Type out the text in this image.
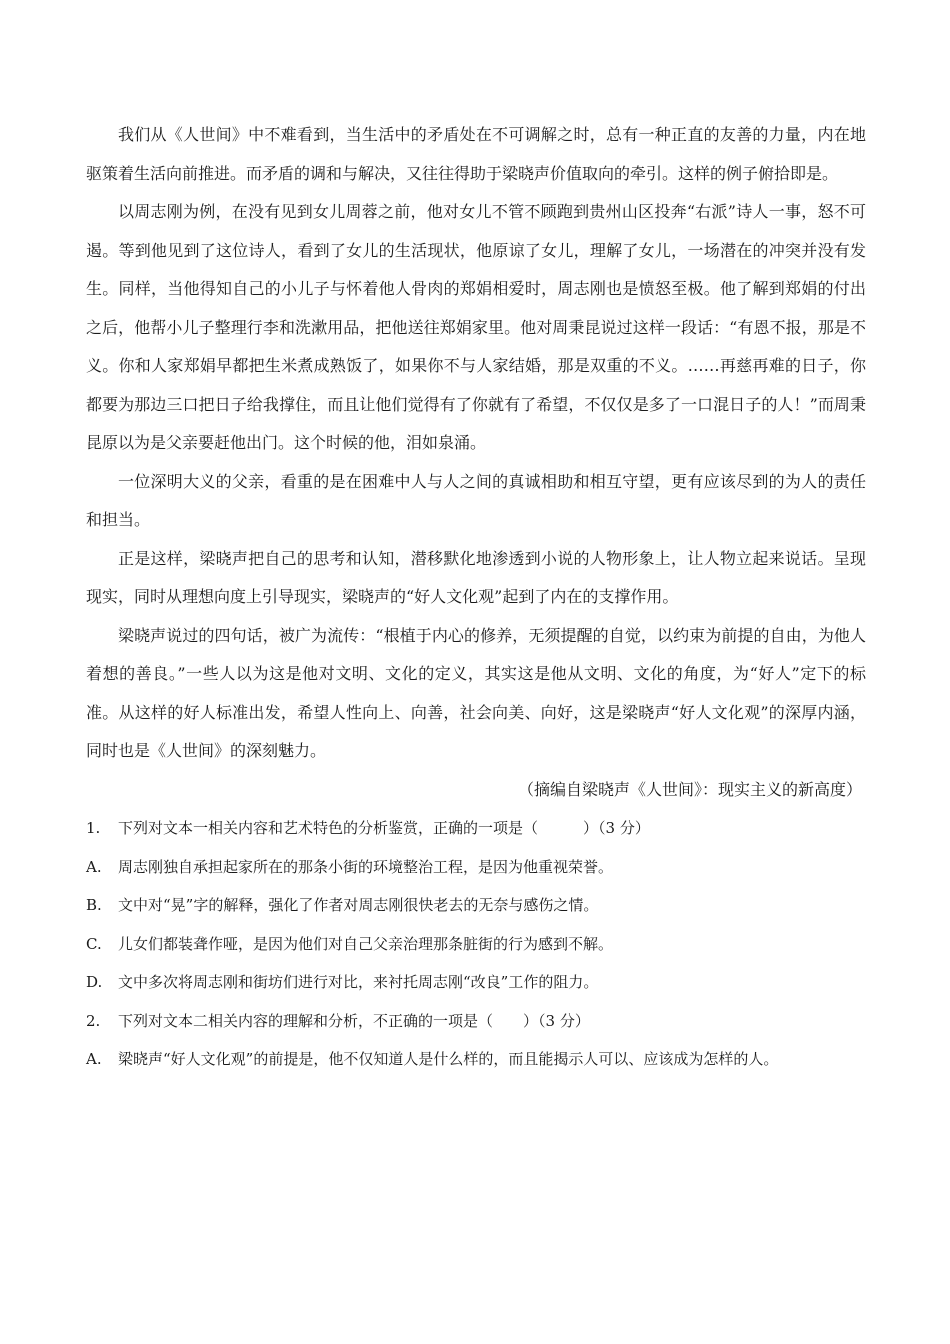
我们从《人世间》中不难看到，当生活中的矛盾处在不可调解之时，总有一种正直的友善的力量，内在地驱策着生活向前推进。而矛盾的调和与解决，又往往得助于梁晓声价值取向的牵引。这样的例子俯拾即是。

以周志刚为例，在没有见到女儿周蓉之前，他对女儿不管不顾跑到贵州山区投奔“右派”诗人一事，怒不可遏。等到他见到了这位诗人，看到了女儿的生活现状，他原谅了女儿，理解了女儿，一场潜在的冲突并没有发生。同样，当他得知自己的小儿子与怀着他人骨肉的郑娟相爱时，周志刚也是愤怒至极。他了解到郑娟的付出之后，他帮小儿子整理行李和洗漱用品，把他送往郑娟家里。他对周秉昆说过这样一段话：“有恩不报，那是不义。你和人家郑娟早都把生米煮成熟饭了，如果你不与人家结婚，那是双重的不义。……再慈再难的日子，你都要为那边三口把日子给我撑住，而且让他们觉得有了你就有了希望，不仅仅是多了一口混日子的人！”而周秉昆原以为是父亲要赶他出门。这个时候的他，泪如泉涌。

一位深明大义的父亲，看重的是在困难中人与人之间的真诚相助和相互守望，更有应该尽到的为人的责任和担当。

正是这样，梁晓声把自己的思考和认知，潜移默化地渗透到小说的人物形象上，让人物立起来说话。呈现现实，同时从理想向度上引导现实，梁晓声的“好人文化观”起到了内在的支撑作用。

梁晓声说过的四句话，被广为流传：“根植于内心的修养，无须提醒的自觉，以约束为前提的自由，为他人着想的善良。”一些人以为这是他对文明、文化的定义，其实这是他从文明、文化的角度，为“好人”定下的标准。从这样的好人标准出发，希望人性向上、向善，社会向美、向好，这是梁晓声“好人文化观”的深厚内涵，同时也是《人世间》的深刻魅力。

（摘编自梁晓声《人世间》：现实主义的新高度）

1.	下列对文本一相关内容和艺术特色的分析鉴赏，正确的一项是（　　　）（3 分）

A.	周志刚独自承担起家所在的那条小街的环境整治工程，是因为他重视荣誉。

B.	文中对“晃”字的解释，强化了作者对周志刚很快老去的无奈与感伤之情。

C.	儿女们都装聋作哑，是因为他们对自己父亲治理那条脏街的行为感到不解。

D.	文中多次将周志刚和街坊们进行对比，来衬托周志刚“改良”工作的阻力。

2.	下列对文本二相关内容的理解和分析，不正确的一项是（　　）（3 分）

A.	梁晓声“好人文化观”的前提是，他不仅知道人是什么样的，而且能揭示人可以、应该成为怎样的人。
